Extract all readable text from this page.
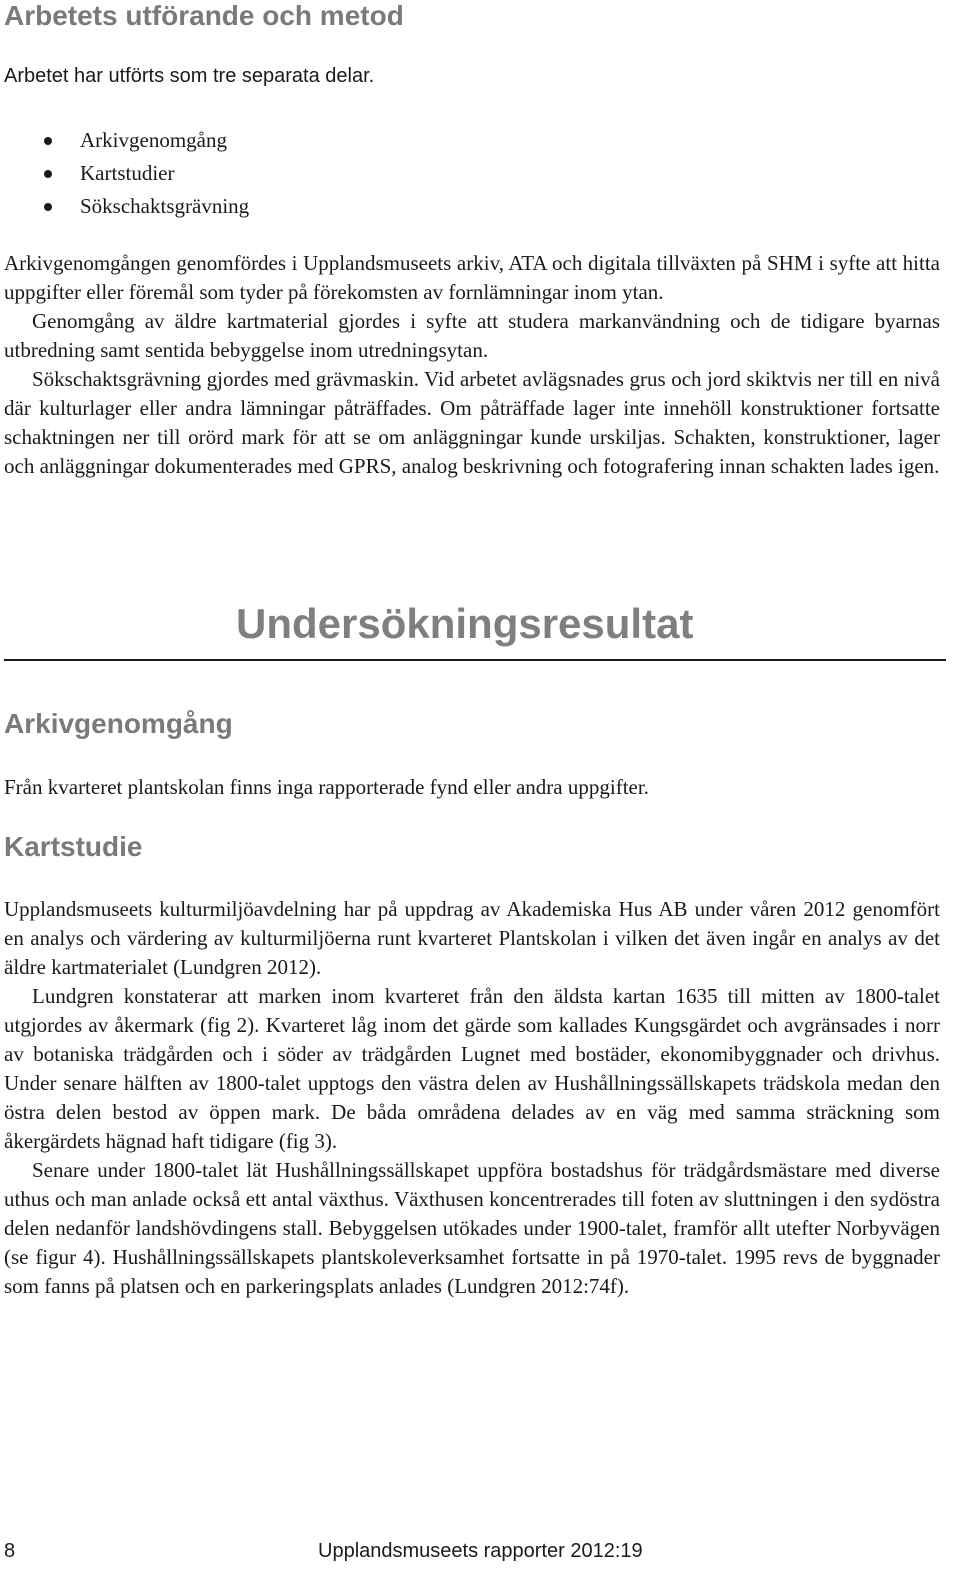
Arbetets utförande och metod

Arbetet har utförts som tre separata delar.

Arkivgenomgång
Kartstudier
Sökschaktsgrävning

Arkivgenomgången genomfördes i Upplandsmuseets arkiv, ATA och digitala tillväxten på SHM i syfte att hitta uppgifter eller föremål som tyder på förekomsten av fornlämningar inom ytan.

Genomgång av äldre kartmaterial gjordes i syfte att studera markanvändning och de tidigare byarnas utbredning samt sentida bebyggelse inom utredningsytan.

Sökschaktsgrävning gjordes med grävmaskin. Vid arbetet avlägsnades grus och jord skiktvis ner till en nivå där kulturlager eller andra lämningar påträffades. Om påträffade lager inte innehöll konstruktioner fortsatte schaktningen ner till orörd mark för att se om anläggningar kunde urskiljas. Schakten, konstruktioner, lager och anläggningar dokumenterades med GPRS, analog beskrivning och fotografering innan schakten lades igen.

Undersökningsresultat
Arkivgenomgång

Från kvarteret plantskolan finns inga rapporterade fynd eller andra uppgifter.

Kartstudie

Upplandsmuseets kulturmiljöavdelning har på uppdrag av Akademiska Hus AB under våren 2012 genomfört en analys och värdering av kulturmiljöerna runt kvarteret Plantskolan i vilken det även ingår en analys av det äldre kartmaterialet (Lundgren 2012).

Lundgren konstaterar att marken inom kvarteret från den äldsta kartan 1635 till mitten av 1800-talet utgjordes av åkermark (fig 2). Kvarteret låg inom det gärde som kallades Kungsgärdet och avgränsades i norr av botaniska trädgården och i söder av trädgården Lugnet med bostäder, ekonomibyggnader och drivhus. Under senare hälften av 1800-talet upptogs den västra delen av Hushållningssällskapets trädskola medan den östra delen bestod av öppen mark. De båda områdena delades av en väg med samma sträckning som åkergärdets hägnad haft tidigare (fig 3).

Senare under 1800-talet lät Hushållningssällskapet uppföra bostadshus för trädgårdsmästare med diverse uthus och man anlade också ett antal växthus. Växthusen koncentrerades till foten av sluttningen i den sydöstra delen nedanför landshövdingens stall. Bebyggelsen utökades under 1900-talet, framför allt utefter Norbyvägen (se figur 4). Hushållningssällskapets plantskoleverksamhet fortsatte in på 1970-talet. 1995 revs de byggnader som fanns på platsen och en parkeringsplats anlades (Lundgren 2012:74f).

8	Upplandsmuseets rapporter 2012:19
